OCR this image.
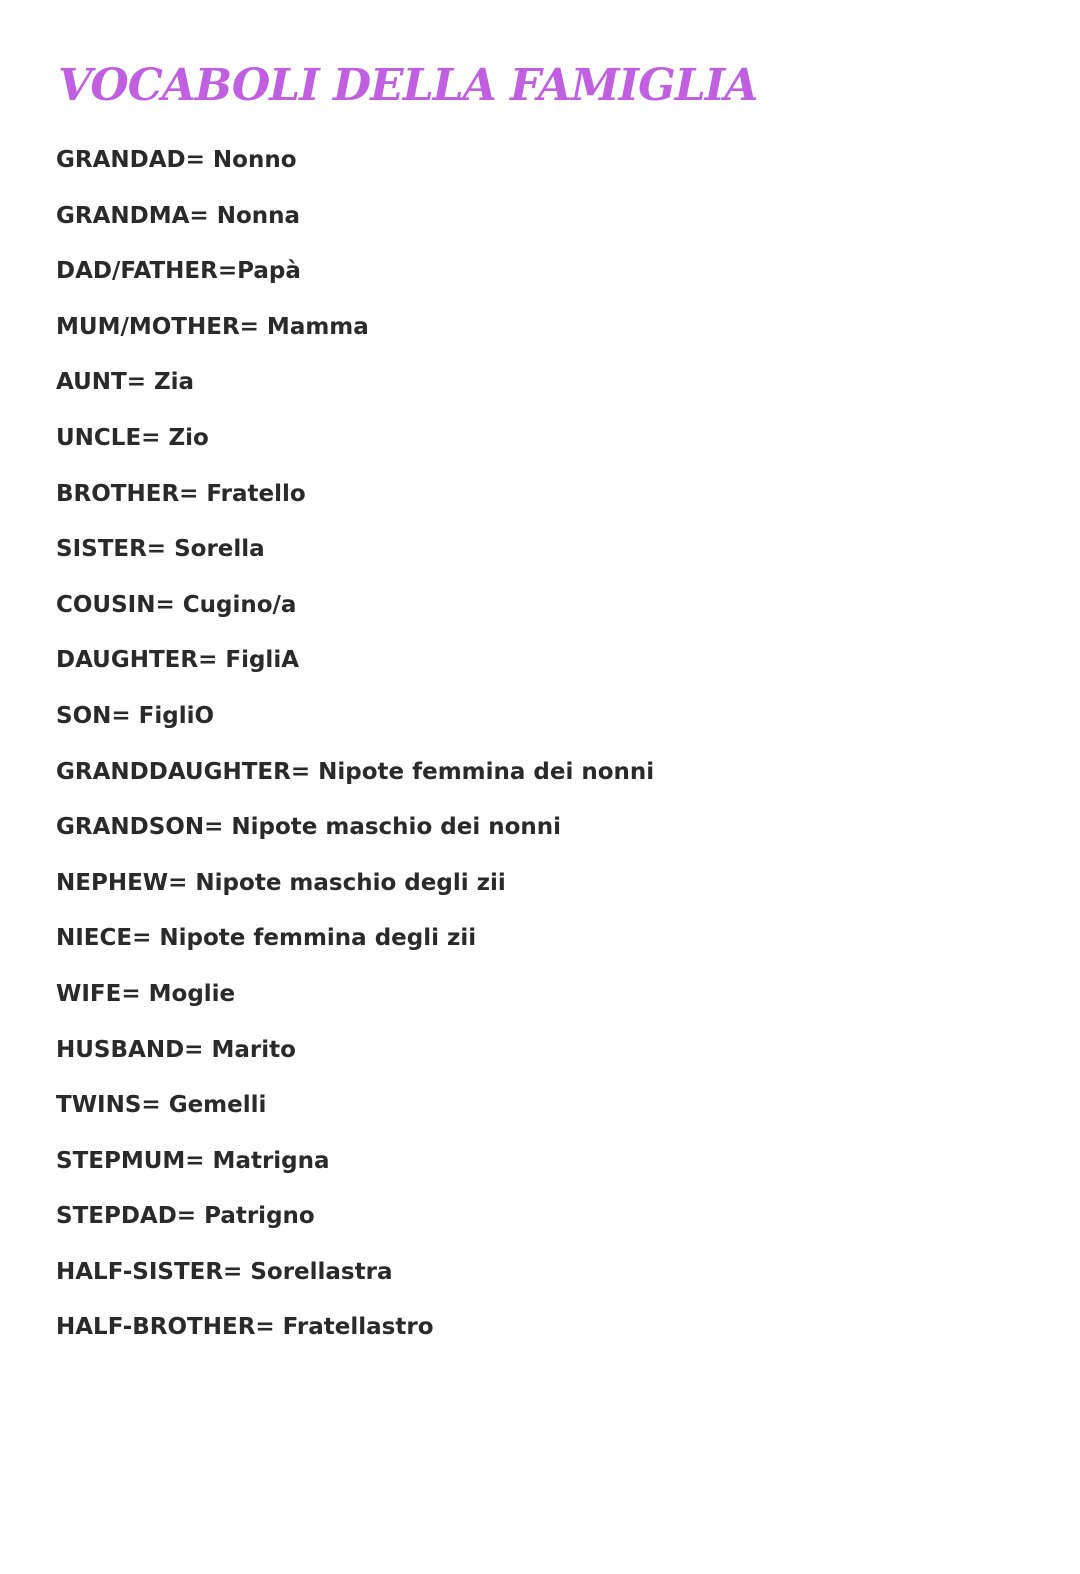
VOCABOLI DELLA FAMIGLIA
GRANDAD= Nonno
GRANDMA= Nonna
DAD/FATHER=Papà
MUM/MOTHER= Mamma
AUNT= Zia
UNCLE= Zio
BROTHER= Fratello
SISTER= Sorella
COUSIN= Cugino/a
DAUGHTER= FigliA
SON= FigliO
GRANDDAUGHTER= Nipote femmina dei nonni
GRANDSON= Nipote maschio dei nonni
NEPHEW= Nipote maschio degli zii
NIECE= Nipote femmina degli zii
WIFE= Moglie
HUSBAND= Marito
TWINS= Gemelli
STEPMUM= Matrigna
STEPDAD= Patrigno
HALF-SISTER= Sorellastra
HALF-BROTHER= Fratellastro
